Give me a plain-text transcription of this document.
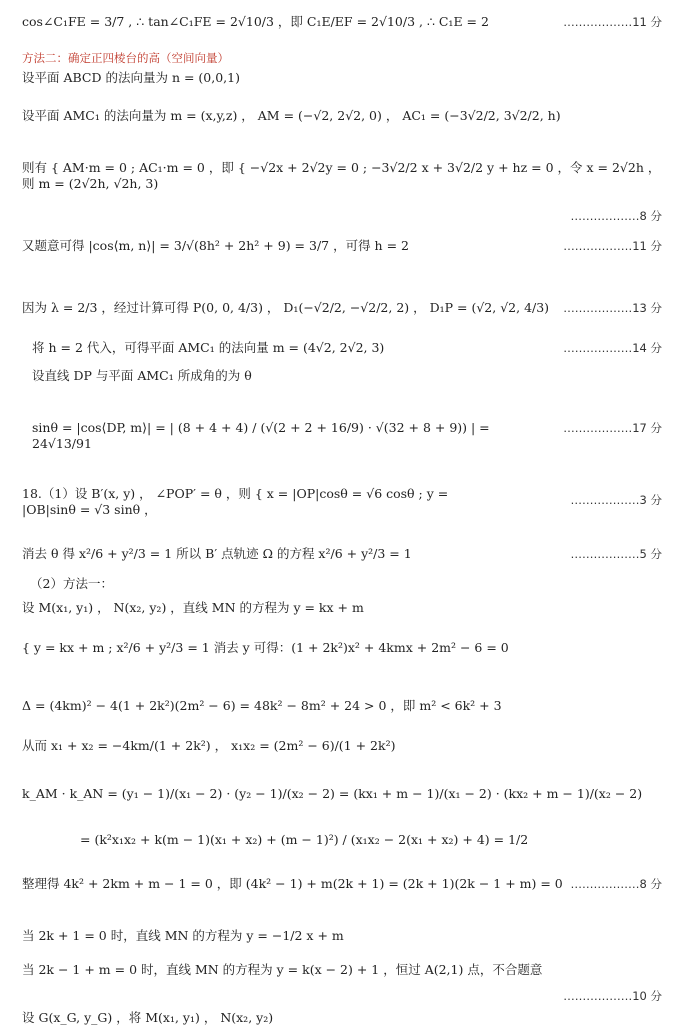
cos∠C₁FE = 3/7 , ∴ tan∠C₁FE = 2√10/3 ，即 C₁E/EF = 2√10/3 , ∴ C₁E = 2	………………11 分
方法二：确定正四棱台的高（空间向量）
设平面 ABCD 的法向量为 n = (0,0,1)
设平面 AMC₁ 的法向量为 m = (x,y,z) ， AM = (−√2, 2√2, 0) ， AC₁ = (−3√2/2, 3√2/2, h)
则有 { AM·m = 0 ; AC₁·m = 0 ，即 { −√2x + 2√2y = 0 ; −3√2/2 x + 3√2/2 y + hz = 0 ，令 x = 2√2h ，则 m = (2√2h, √2h, 3)
………………8 分
又题意可得 |cos⟨m, n⟩| = 3/√(8h² + 2h² + 9) = 3/7 ，可得 h = 2	………………11 分
因为 λ = 2/3 ，经过计算可得 P(0, 0, 4/3) ， D₁(−√2/2, −√2/2, 2) ， D₁P = (√2, √2, 4/3)	………………13 分
将 h = 2 代入，可得平面 AMC₁ 的法向量 m = (4√2, 2√2, 3)	………………14 分
设直线 DP 与平面 AMC₁ 所成角的为 θ
sinθ = |cos⟨DP, m⟩| = | (8 + 4 + 4) / (√(2 + 2 + 16/9) · √(32 + 8 + 9)) | = 24√13/91
………………17 分
18.（1）设 B′(x, y) ， ∠POP′ = θ ，则 { x = |OP|cosθ = √6 cosθ ; y = |OB|sinθ = √3 sinθ ，
………………3 分
消去 θ 得 x²/6 + y²/3 = 1 所以 B′ 点轨迹 Ω 的方程 x²/6 + y²/3 = 1	………………5 分
（2）方法一：
设 M(x₁, y₁) ， N(x₂, y₂) ，直线 MN 的方程为 y = kx + m
{ y = kx + m ; x²/6 + y²/3 = 1 消去 y 可得：(1 + 2k²)x² + 4kmx + 2m² − 6 = 0
Δ = (4km)² − 4(1 + 2k²)(2m² − 6) = 48k² − 8m² + 24 > 0 ，即 m² < 6k² + 3
从而 x₁ + x₂ = −4km/(1 + 2k²) ， x₁x₂ = (2m² − 6)/(1 + 2k²)
k_AM · k_AN = (y₁ − 1)/(x₁ − 2) · (y₂ − 1)/(x₂ − 2) = (kx₁ + m − 1)/(x₁ − 2) · (kx₂ + m − 1)/(x₂ − 2)
= (k²x₁x₂ + k(m − 1)(x₁ + x₂) + (m − 1)²) / (x₁x₂ − 2(x₁ + x₂) + 4) = 1/2
整理得 4k² + 2km + m − 1 = 0 ，即 (4k² − 1) + m(2k + 1) = (2k + 1)(2k − 1 + m) = 0 ………………8 分
当 2k + 1 = 0 时，直线 MN 的方程为 y = −1/2 x + m
当 2k − 1 + m = 0 时，直线 MN 的方程为 y = k(x − 2) + 1 ，恒过 A(2,1) 点，不合题意
………………10 分
设 G(x_G, y_G) ，将 M(x₁, y₁) ， N(x₂, y₂)
